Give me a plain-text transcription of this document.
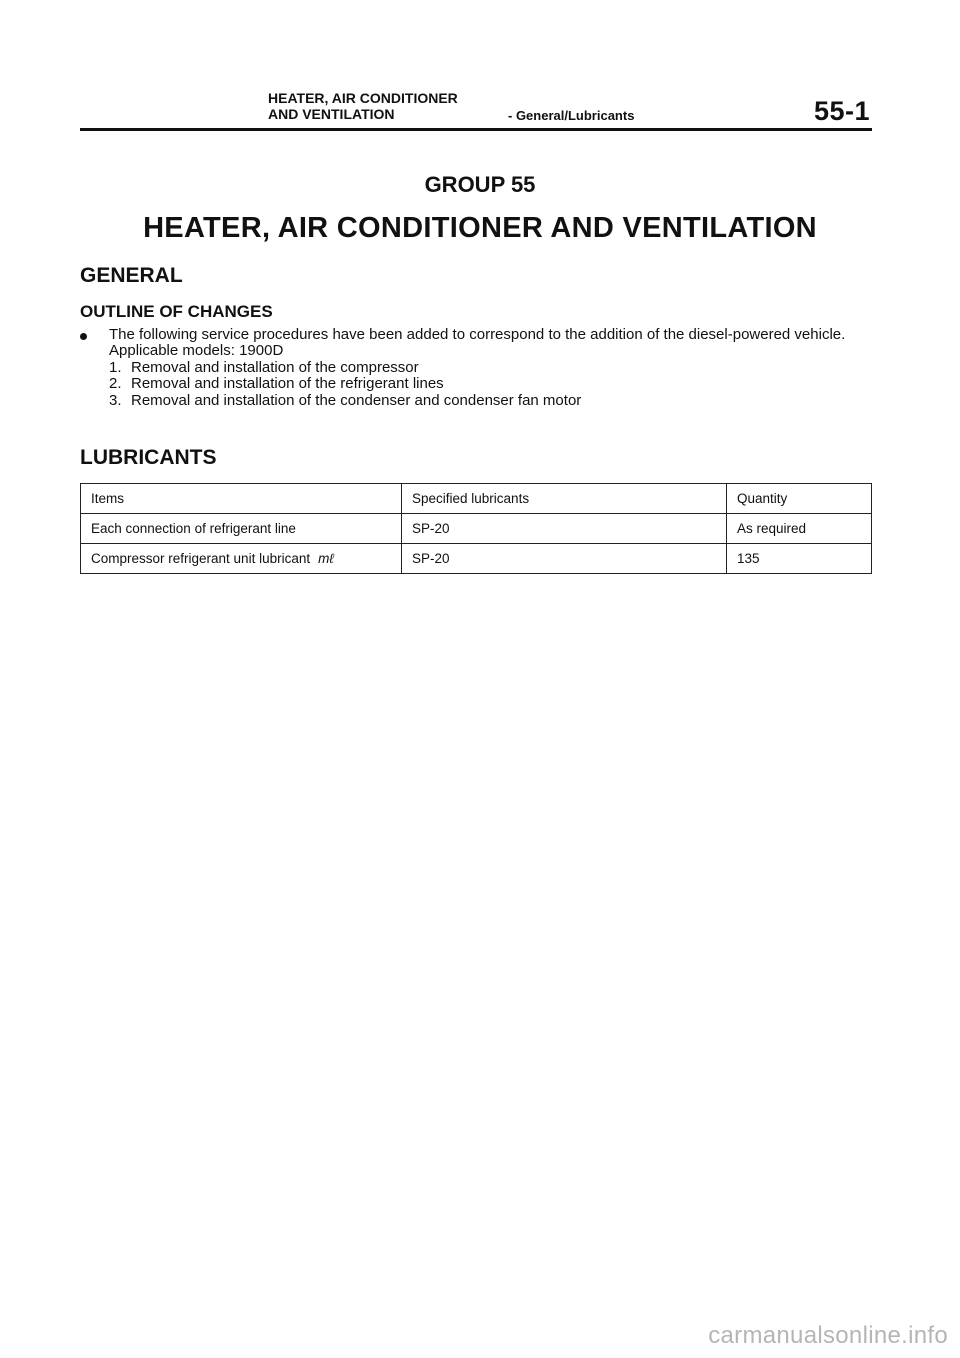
HEATER, AIR CONDITIONER
AND VENTILATION	- General/Lubricants	55-1
GROUP 55
HEATER, AIR CONDITIONER AND VENTILATION
GENERAL
OUTLINE OF CHANGES

The following service procedures have been added to correspond to the addition of the diesel-powered vehicle.

Applicable models: 1900D

1. Removal and installation of the compressor
2. Removal and installation of the refrigerant lines
3. Removal and installation of the condenser and condenser fan motor
LUBRICANTS
Items	Specified lubricants	Quantity
Each connection of refrigerant line	SP-20	As required
Compressor refrigerant unit lubricant mℓ	SP-20	135
carmanualsonline.info
